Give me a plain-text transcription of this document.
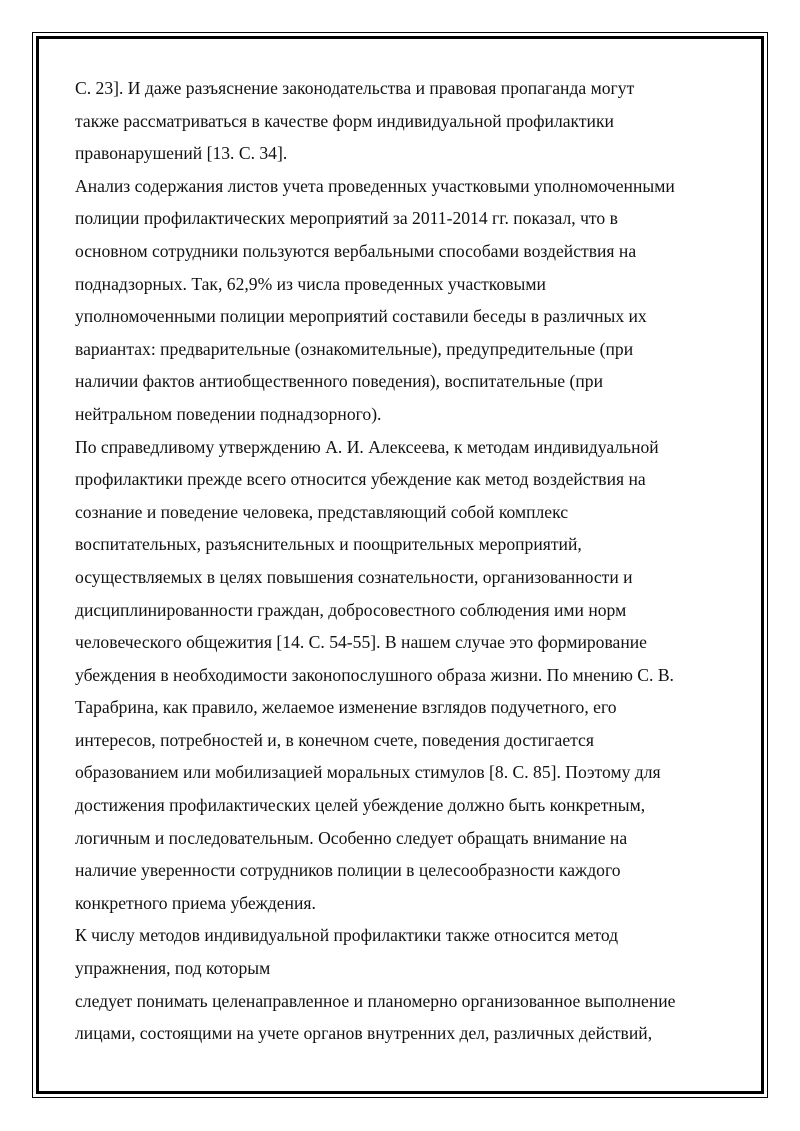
С. 23]. И даже разъяснение законодательства и правовая пропаганда могут
также рассматриваться в качестве форм индивидуальной профилактики
правонарушений [13. С. 34].
Анализ содержания листов учета проведенных участковыми уполномоченными
полиции профилактических мероприятий за 2011-2014 гг. показал, что в
основном сотрудники пользуются вербальными способами воздействия на
поднадзорных. Так, 62,9% из числа проведенных участковыми
уполномоченными полиции мероприятий составили беседы в различных их
вариантах: предварительные (ознакомительные), предупредительные (при
наличии фактов антиобщественного поведения), воспитательные (при
нейтральном поведении поднадзорного).
По справедливому утверждению А. И. Алексеева, к методам индивидуальной
профилактики прежде всего относится убеждение как метод воздействия на
сознание и поведение человека, представляющий собой комплекс
воспитательных, разъяснительных и поощрительных мероприятий,
осуществляемых в целях повышения сознательности, организованности и
дисциплинированности граждан, добросовестного соблюдения ими норм
человеческого общежития [14. С. 54-55]. В нашем случае это формирование
убеждения в необходимости законопослушного образа жизни. По мнению С. В.
Тарабрина, как правило, желаемое изменение взглядов подучетного, его
интересов, потребностей и, в конечном счете, поведения достигается
образованием или мобилизацией моральных стимулов [8. С. 85]. Поэтому для
достижения профилактических целей убеждение должно быть конкретным,
логичным и последовательным. Особенно следует обращать внимание на
наличие уверенности сотрудников полиции в целесообразности каждого
конкретного приема убеждения.
К числу методов индивидуальной профилактики также относится метод
упражнения, под которым
следует понимать целенаправленное и планомерно организованное выполнение
лицами, состоящими на учете органов внутренних дел, различных действий,
